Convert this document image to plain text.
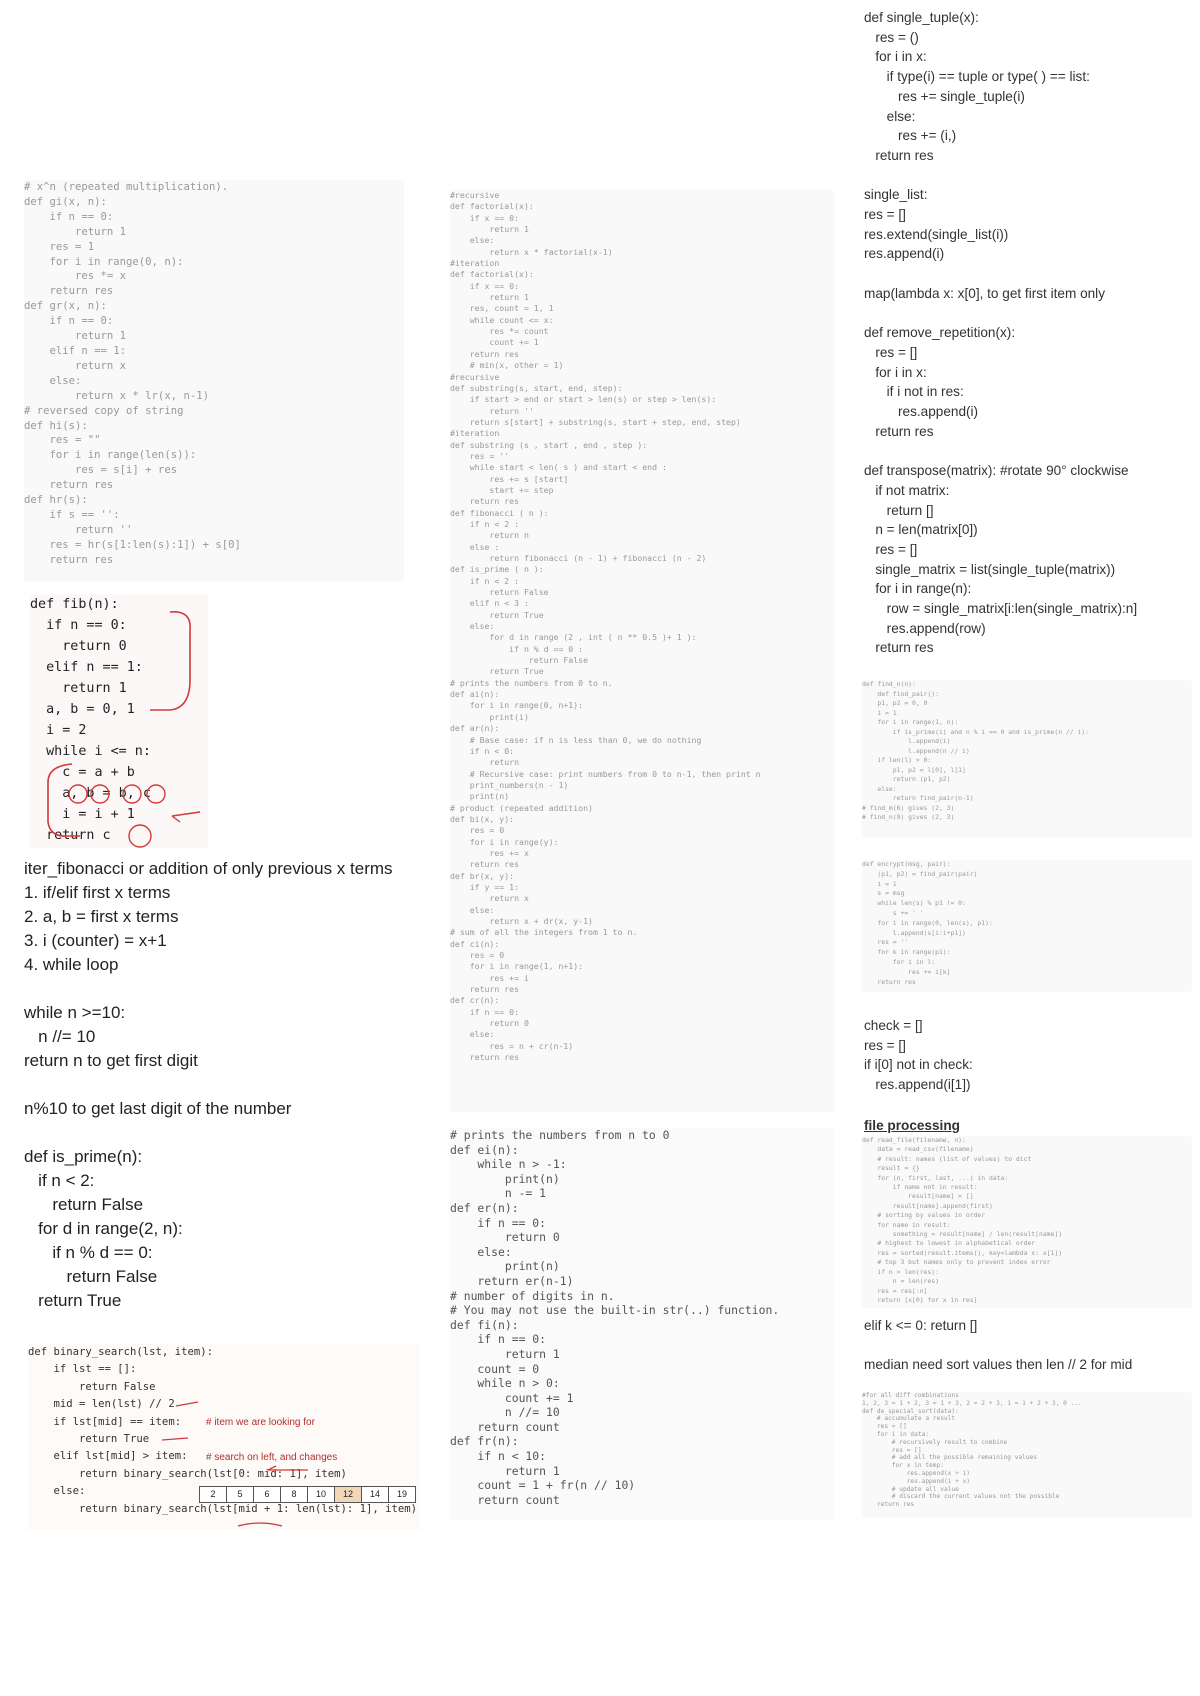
# x^n (repeated multiplication).
def gi(x, n):
if n == 0:
return 1
res = 1
for i in range(0, n):
res *= x
return res
def gr(x, n):
if n == 0:
return 1
elif n == 1:
return x
else:
return x * lr(x, n-1)
# reversed copy of string
def hi(s):
res = ""
for i in range(len(s)):
res = s[i] + res
return res
def hr(s):
if s == '':
return ''
res = hr(s[1:len(s):1]) + s[0]
return res
def fib(n):
if n == 0:
return 0
elif n == 1:
return 1
a, b = 0, 1
i = 2
while i <= n:
c = a + b
a, b = b, c
i = i + 1
return c
iter_fibonacci or addition of only previous x terms
1. if/elif first x terms
2. a, b = first x terms
3. i (counter) = x+1
4. while loop
while n >=10:
n //= 10
return n to get first digit
n%10 to get last digit of the number
def is_prime(n):
if n < 2:
return False
for d in range(2, n):
if n % d == 0:
return False
return True
def binary_search(lst, item):
if lst == []:
return False
mid = len(lst) // 2
if lst[mid] == item:
return True
elif lst[mid] > item:
return binary_search(lst[0: mid: 1], item)
else:
return binary_search(lst[mid + 1: len(lst): 1], item)
# item we are looking for
# search on left, and changes
2	5	6	8	10	12	14	19
#recursive
def factorial(x):
if x == 0:
return 1
else:
return x * factorial(x-1)
#iteration
def factorial(x):
if x == 0:
return 1
res, count = 1, 1
while count <= x:
res *= count
count += 1
return res
# min(x, other = 1)
#recursive
def substring(s, start, end, step):
if start > end or start > len(s) or step > len(s):
return ''
return s[start] + substring(s, start + step, end, step)
#iteration
def substring (s , start , end , step ):
res = ''
while start < len( s ) and start < end :
res += s [start]
start += step
return res
def fibonacci ( n ):
if n < 2 :
return n
else :
return fibonacci (n - 1) + fibonacci (n - 2)
def is_prime ( n ):
if n < 2 :
return False
elif n < 3 :
return True
else:
for d in range (2 , int ( n ** 0.5 )+ 1 ):
if n % d == 0 :
return False
return True
# prints the numbers from 0 to n.
def ai(n):
for i in range(0, n+1):
print(i)
def ar(n):
# Base case: if n is less than 0, we do nothing
if n < 0:
return
# Recursive case: print numbers from 0 to n-1, then print n
print_numbers(n - 1)
print(n)
# product (repeated addition)
def bi(x, y):
res = 0
for i in range(y):
res += x
return res
def br(x, y):
if y == 1:
return x
else:
return x + dr(x, y-1)
# sum of all the integers from 1 to n.
def ci(n):
res = 0
for i in range(1, n+1):
res += i
return res
def cr(n):
if n == 0:
return 0
else:
res = n + cr(n-1)
return res
# prints the numbers from n to 0
def ei(n):
while n > -1:
print(n)
n -= 1
def er(n):
if n == 0:
return 0
else:
print(n)
return er(n-1)
# number of digits in n.
# You may not use the built-in str(..) function.
def fi(n):
if n == 0:
return 1
count = 0
while n > 0:
count += 1
n //= 10
return count
def fr(n):
if n < 10:
return 1
count = 1 + fr(n // 10)
return count
def single_tuple(x):
res = ()
for i in x:
if type(i) == tuple or type( ) == list:
res += single_tuple(i)
else:
res += (i,)
return res
single_list:
res = []
res.extend(single_list(i))
res.append(i)
map(lambda x: x[0], to get first item only
def remove_repetition(x):
res = []
for i in x:
if i not in res:
res.append(i)
return res
def transpose(matrix): #rotate 90° clockwise
if not matrix:
return []
n = len(matrix[0])
res = []
single_matrix = list(single_tuple(matrix))
for i in range(n):
row = single_matrix[i:len(single_matrix):n]
res.append(row)
return res
def find_n(n):
def find_pair():
p1, p2 = 0, 0
i = 1
for i in range(1, n):
if is_prime(i) and n % i == 0 and is_prime(n // i):
l.append(i)
l.append(n // i)
if len(l) > 0:
p1, p2 = l[0], l[1]
return (p1, p2)
else:
return find_pair(n-1)
# find_m(6) gives (2, 3)
# find_n(9) gives (2, 3)
def encrypt(msg, pair):
(p1, p2) = find_pair(pair)
i = 1
s = msg
while len(s) % p1 != 0:
s += ' '
for i in range(0, len(s), p1):
l.append(s[i:i+p1])
res = ''
for k in range(p1):
for i in l:
res += i[k]
return res
check = []
res = []
if i[0] not in check:
res.append(i[1])
file processing
def read_file(filename, n):
data = read_csv(filename)
# result: names (list of values) to dict
result = {}
for (n, first, last, ...) in data:
if name not in result:
result[name] = []
result[name].append(first)
# sorting by values in order
for name in result:
something = result[name] / len(result[name])
# highest to lowest in alphabetical order
res = sorted(result.items(), key=lambda x: x[1])
# top 3 but names only to prevent index error
if n > len(res):
n = len(res)
res = res[:n]
return [x[0] for x in res]
elif k <= 0: return []
median need sort values then len // 2 for mid
#for all diff combinations
1, 2, 3 = 1 + 2, 3 = 1 + 3, 2 = 2 + 3, 1 = 1 + 2 + 3, 0 ...
def de_special_sort(data):
# accumulate a result
res = []
for i in data:
# recursively result to combine
res = []
# add all the possible remaining values
for x in temp:
res.append(x + i)
res.append(i + x)
# update all value
# discard the current values not the possible
return res
